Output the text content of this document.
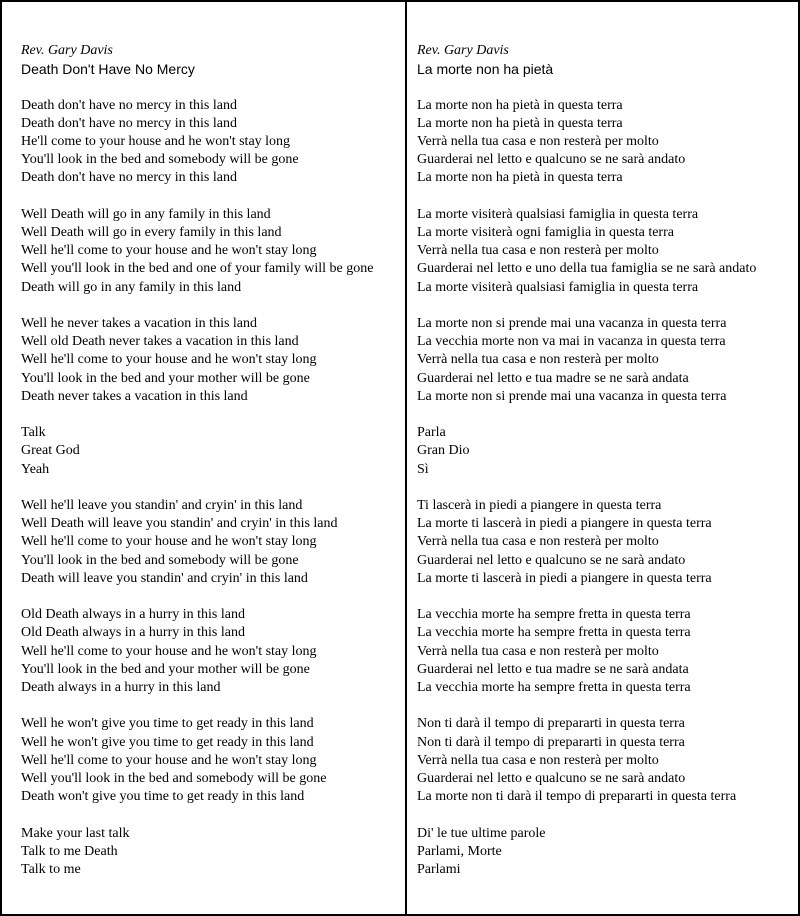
Rev. Gary Davis
Death Don't Have No Mercy
Death don't have no mercy in this land
Death don't have no mercy in this land
He'll come to your house and he won't stay long
You'll look in the bed and somebody will be gone
Death don't have no mercy in this land
Well Death will go in any family in this land
Well Death will go in every family in this land
Well he'll come to your house and he won't stay long
Well you'll look in the bed and one of your family will be gone
Death will go in any family in this land
Well he never takes a vacation in this land
Well old Death never takes a vacation in this land
Well he'll come to your house and he won't stay long
You'll look in the bed and your mother will be gone
Death never takes a vacation in this land
Talk
Great God
Yeah
Well he'll leave you standin' and cryin' in this land
Well Death will leave you standin' and cryin' in this land
Well he'll come to your house and he won't stay long
You'll look in the bed and somebody will be gone
Death will leave you standin' and cryin' in this land
Old Death always in a hurry in this land
Old Death always in a hurry in this land
Well he'll come to your house and he won't stay long
You'll look in the bed and your mother will be gone
Death always in a hurry in this land
Well he won't give you time to get ready in this land
Well he won't give you time to get ready in this land
Well he'll come to your house and he won't stay long
Well you'll look in the bed and somebody will be gone
Death won't give you time to get ready in this land
Make your last talk
Talk to me Death
Talk to me
Rev. Gary Davis
La morte non ha pietà
La morte non ha pietà in questa terra
La morte non ha pietà in questa terra
Verrà nella tua casa e non resterà per molto
Guarderai nel letto e qualcuno se ne sarà andato
La morte non ha pietà in questa terra
La morte visiterà qualsiasi famiglia in questa terra
La morte visiterà ogni famiglia in questa terra
Verrà nella tua casa e non resterà per molto
Guarderai nel letto e uno della tua famiglia se ne sarà andato
La morte visiterà qualsiasi famiglia in questa terra
La morte non si prende mai una vacanza in questa terra
La vecchia morte non va mai in vacanza in questa terra
Verrà nella tua casa e non resterà per molto
Guarderai nel letto e tua madre se ne sarà andata
La morte non si prende mai una vacanza in questa terra
Parla
Gran Dio
Sì
Ti lascerà in piedi a piangere in questa terra
La morte ti lascerà in piedi a piangere in questa terra
Verrà nella tua casa e non resterà per molto
Guarderai nel letto e qualcuno se ne sarà andato
La morte ti lascerà in piedi a piangere in questa terra
La vecchia morte ha sempre fretta in questa terra
La vecchia morte ha sempre fretta in questa terra
Verrà nella tua casa e non resterà per molto
Guarderai nel letto e tua madre se ne sarà andata
La vecchia morte ha sempre fretta in questa terra
Non ti darà il tempo di prepararti in questa terra
Non ti darà il tempo di prepararti in questa terra
Verrà nella tua casa e non resterà per molto
Guarderai nel letto e qualcuno se ne sarà andato
La morte non ti darà il tempo di prepararti in questa terra
Di' le tue ultime parole
Parlami, Morte
Parlami
